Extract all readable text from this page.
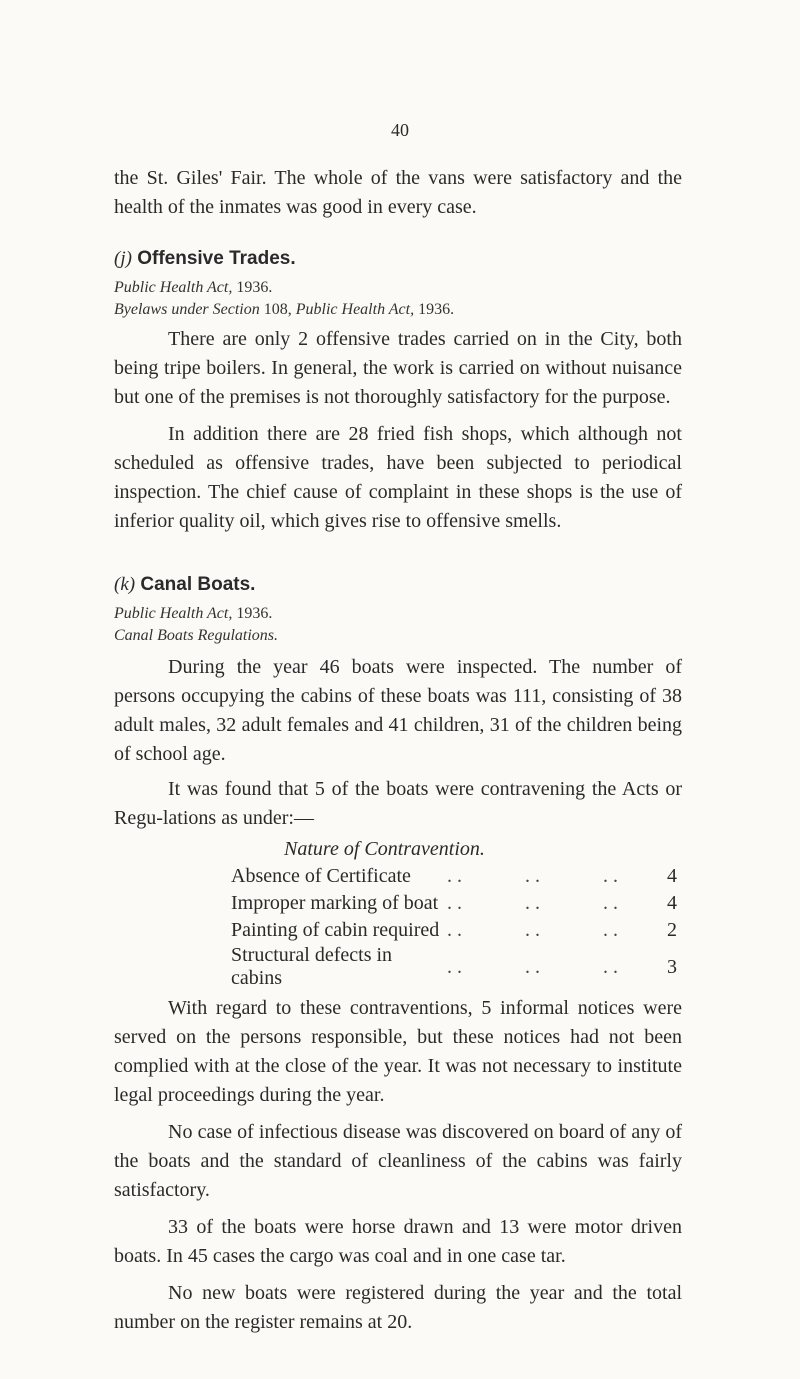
40

the St. Giles' Fair. The whole of the vans were satisfactory and the health of the inmates was good in every case.

(j) Offensive Trades.

Public Health Act, 1936.

Byelaws under Section 108, Public Health Act, 1936.

There are only 2 offensive trades carried on in the City, both being tripe boilers. In general, the work is carried on without nuisance but one of the premises is not thoroughly satisfactory for the purpose.

In addition there are 28 fried fish shops, which although not scheduled as offensive trades, have been subjected to periodical inspection. The chief cause of complaint in these shops is the use of inferior quality oil, which gives rise to offensive smells.

(k) Canal Boats.

Public Health Act, 1936.

Canal Boats Regulations.

During the year 46 boats were inspected. The number of persons occupying the cabins of these boats was 111, consisting of 38 adult males, 32 adult females and 41 children, 31 of the children being of school age.

It was found that 5 of the boats were contravening the Acts or Regu-lations as under:—

Nature of Contravention.

Absence of Certificate	. .	. .	. .	4
Improper marking of boat	. .	. .	. .	4
Painting of cabin required	. .	. .	. .	2
Structural defects in cabins	. .	. .	. .	3

With regard to these contraventions, 5 informal notices were served on the persons responsible, but these notices had not been complied with at the close of the year. It was not necessary to institute legal proceedings during the year.

No case of infectious disease was discovered on board of any of the boats and the standard of cleanliness of the cabins was fairly satisfactory.

33 of the boats were horse drawn and 13 were motor driven boats. In 45 cases the cargo was coal and in one case tar.

No new boats were registered during the year and the total number on the register remains at 20.
